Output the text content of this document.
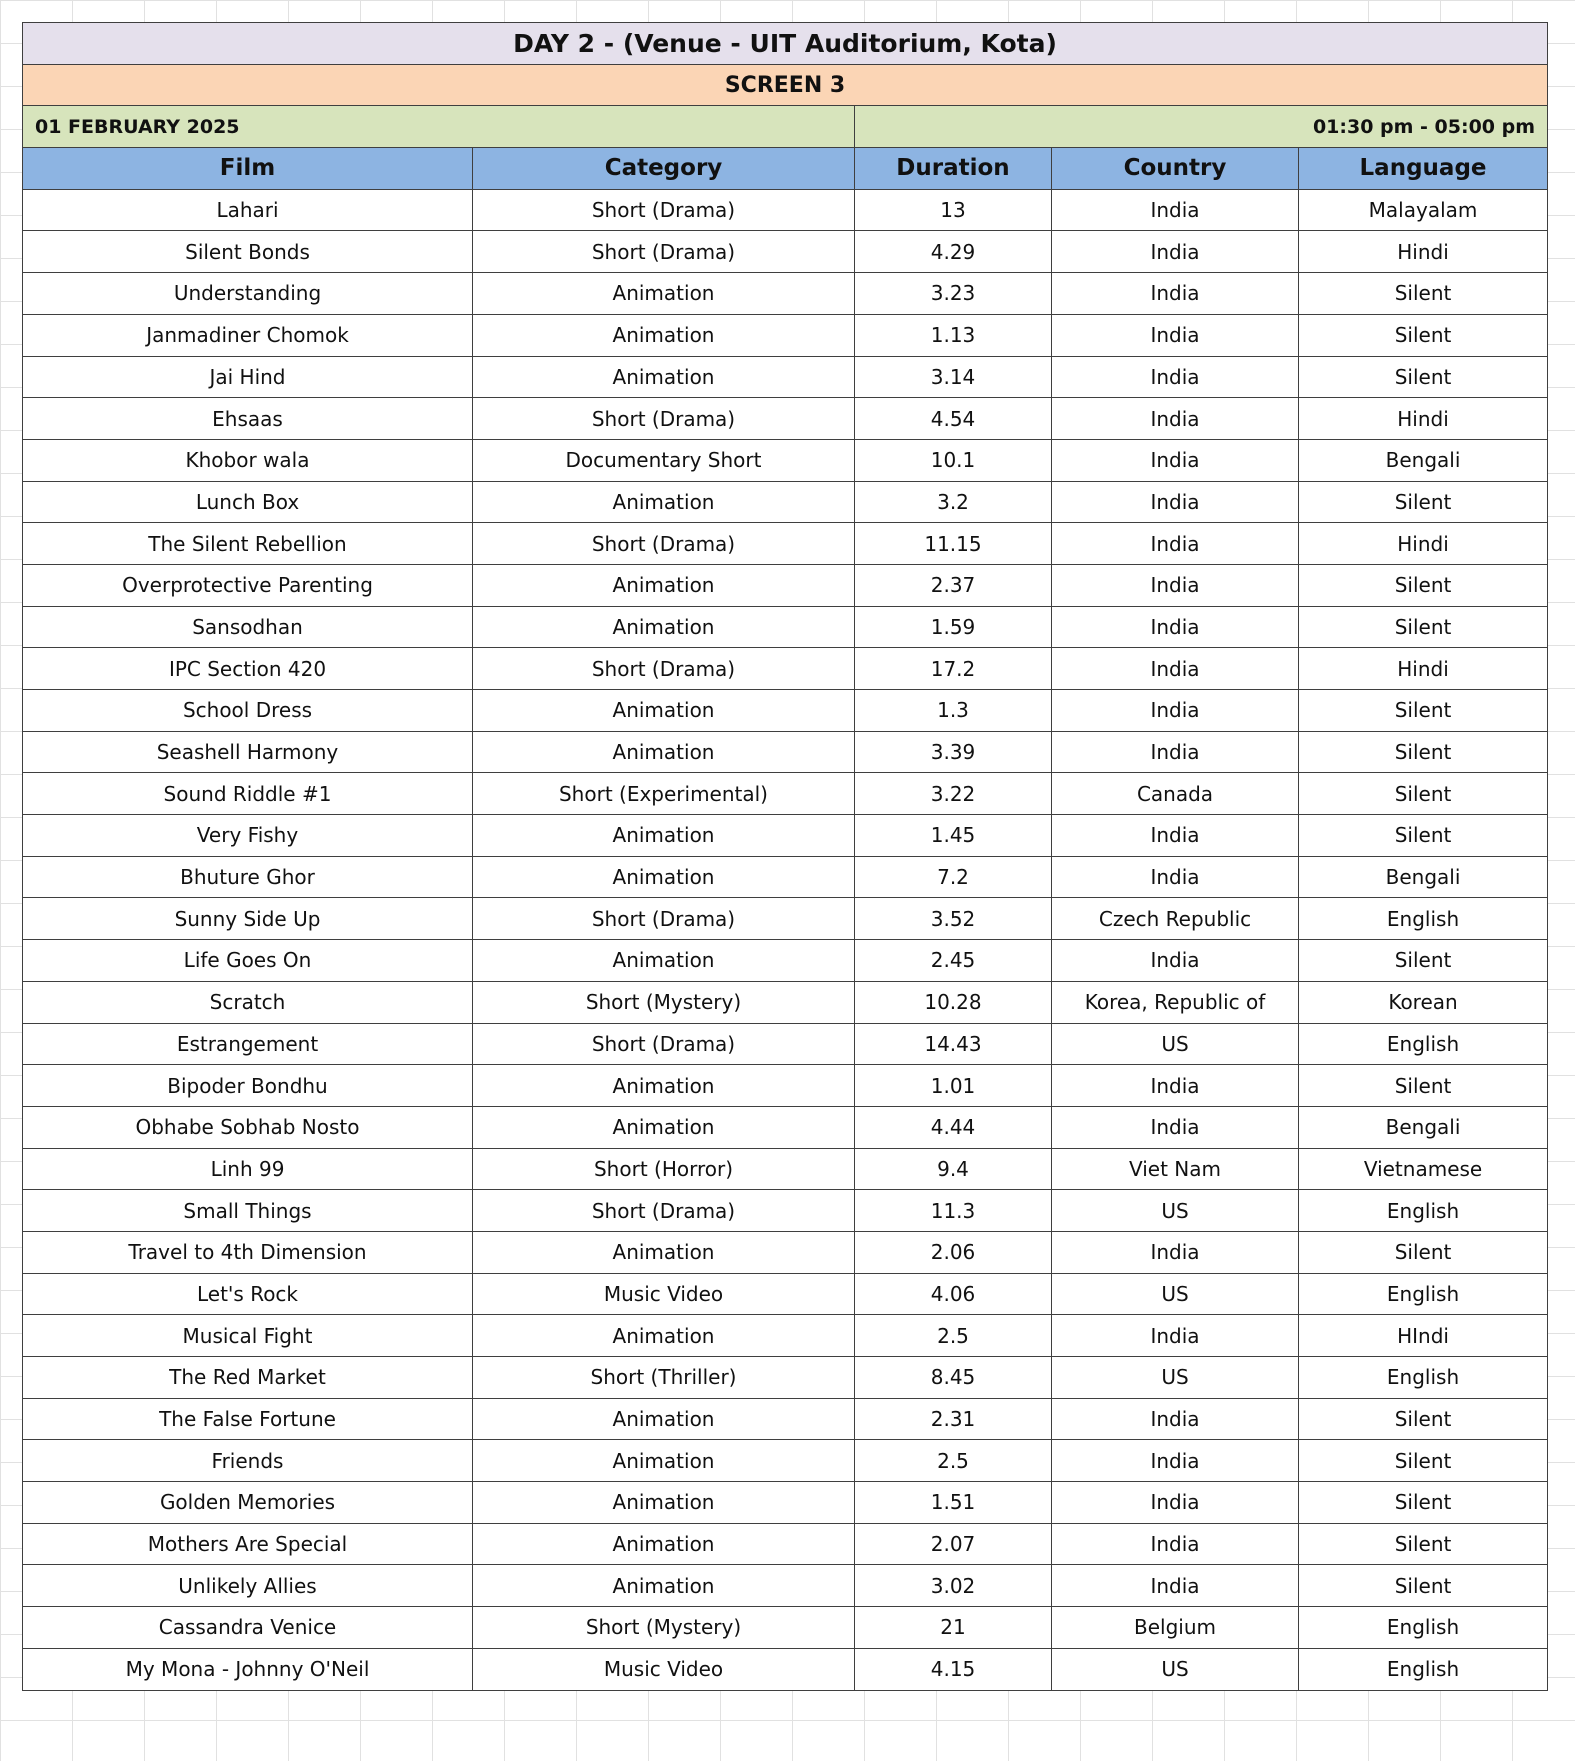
DAY 2 - (Venue - UIT Auditorium, Kota)				
SCREEN 3				
01 FEBRUARY 2025		01:30 pm - 05:00 pm		
Film	Category	Duration	Country	Language
Lahari	Short (Drama)	13	India	Malayalam
Silent Bonds	Short (Drama)	4.29	India	Hindi
Understanding	Animation	3.23	India	Silent
Janmadiner Chomok	Animation	1.13	India	Silent
Jai Hind	Animation	3.14	India	Silent
Ehsaas	Short (Drama)	4.54	India	Hindi
Khobor wala	Documentary Short	10.1	India	Bengali
Lunch Box	Animation	3.2	India	Silent
The Silent Rebellion	Short (Drama)	11.15	India	Hindi
Overprotective Parenting	Animation	2.37	India	Silent
Sansodhan	Animation	1.59	India	Silent
IPC Section 420	Short (Drama)	17.2	India	Hindi
School Dress	Animation	1.3	India	Silent
Seashell Harmony	Animation	3.39	India	Silent
Sound Riddle #1	Short (Experimental)	3.22	Canada	Silent
Very Fishy	Animation	1.45	India	Silent
Bhuture Ghor	Animation	7.2	India	Bengali
Sunny Side Up	Short (Drama)	3.52	Czech Republic	English
Life Goes On	Animation	2.45	India	Silent
Scratch	Short (Mystery)	10.28	Korea, Republic of	Korean
Estrangement	Short (Drama)	14.43	US	English
Bipoder Bondhu	Animation	1.01	India	Silent
Obhabe Sobhab Nosto	Animation	4.44	India	Bengali
Linh 99	Short (Horror)	9.4	Viet Nam	Vietnamese
Small Things	Short (Drama)	11.3	US	English
Travel to 4th Dimension	Animation	2.06	India	Silent
Let's Rock	Music Video	4.06	US	English
Musical Fight	Animation	2.5	India	HIndi
The Red Market	Short (Thriller)	8.45	US	English
The False Fortune	Animation	2.31	India	Silent
Friends	Animation	2.5	India	Silent
Golden Memories	Animation	1.51	India	Silent
Mothers Are Special	Animation	2.07	India	Silent
Unlikely Allies	Animation	3.02	India	Silent
Cassandra Venice	Short (Mystery)	21	Belgium	English
My Mona - Johnny O'Neil	Music Video	4.15	US	English
